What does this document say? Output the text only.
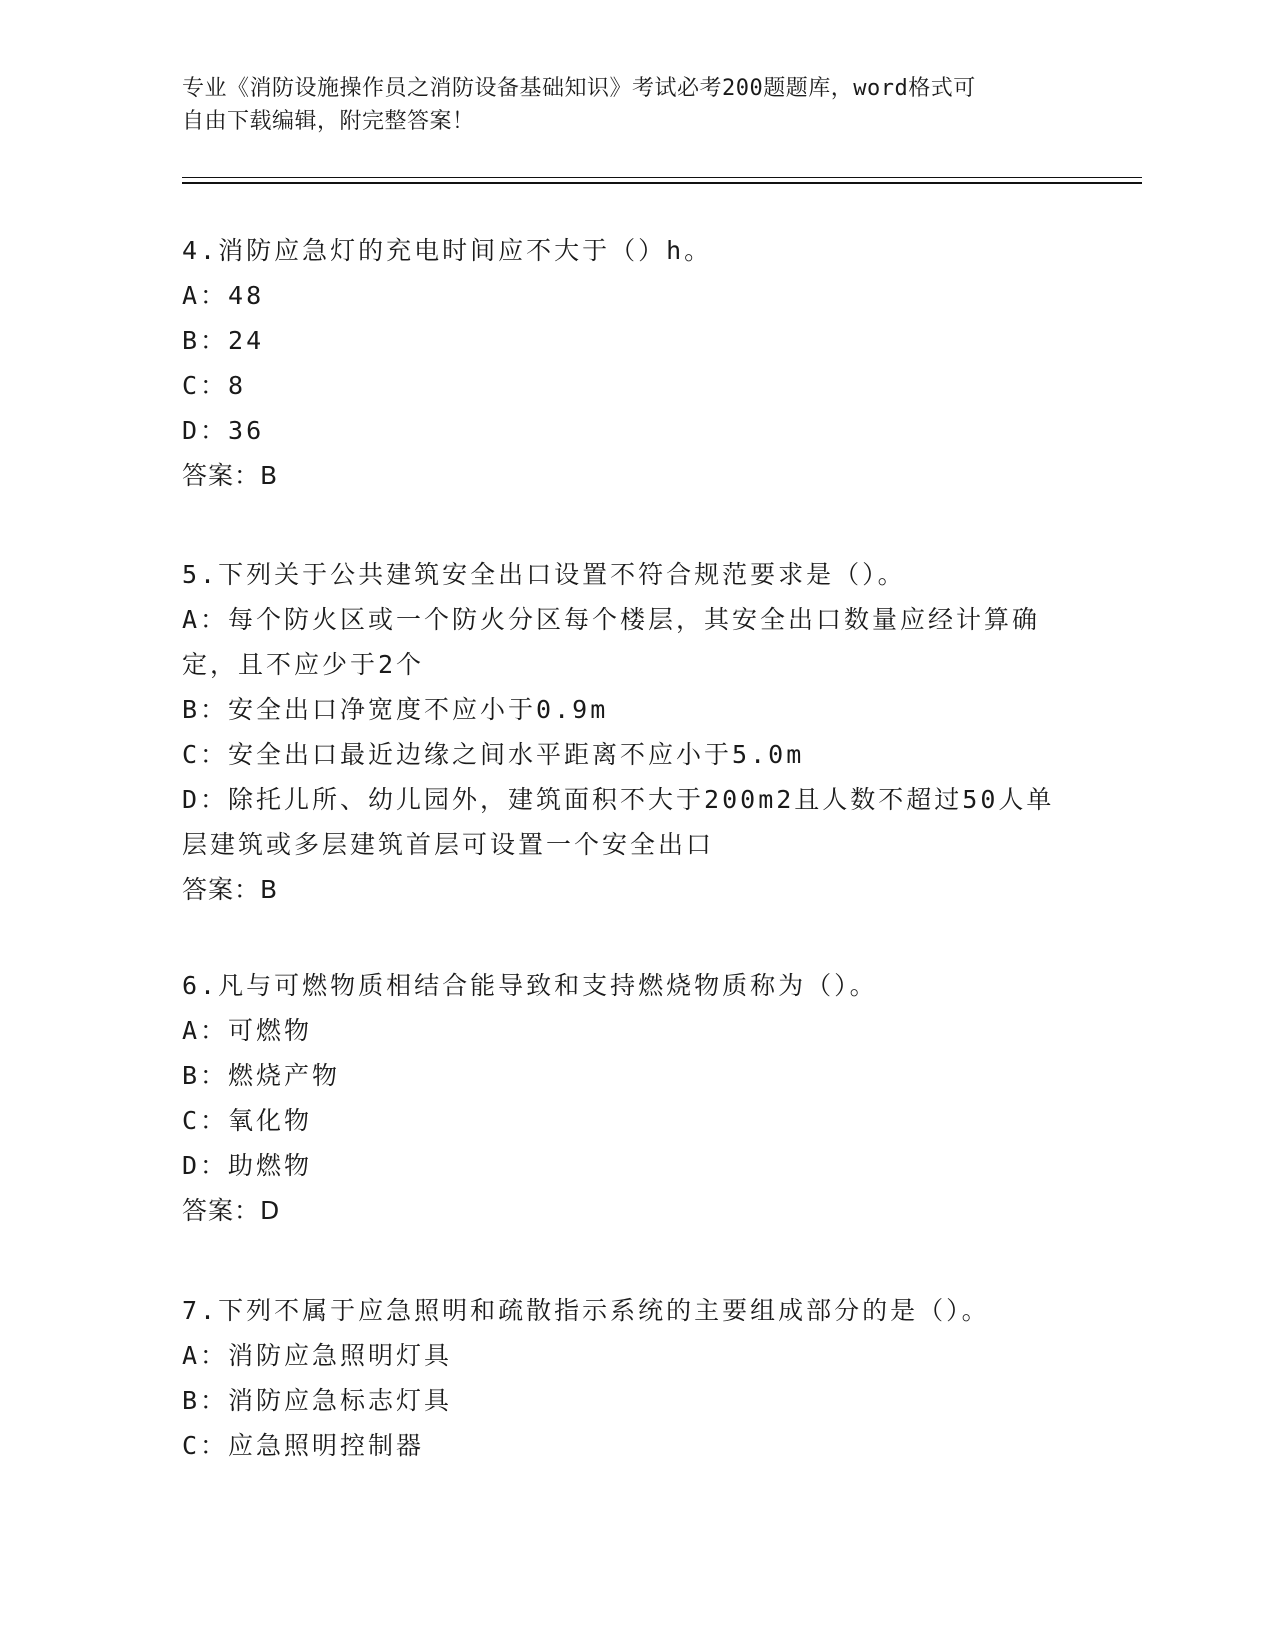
专业《消防设施操作员之消防设备基础知识》考试必考200题题库，word格式可
自由下载编辑，附完整答案！
4.消防应急灯的充电时间应不大于（）h。
A：48
B：24
C：8
D：36
答案：B
5.下列关于公共建筑安全出口设置不符合规范要求是（）。
A：每个防火区或一个防火分区每个楼层，其安全出口数量应经计算确定，且不应少于2个
B：安全出口净宽度不应小于0.9m
C：安全出口最近边缘之间水平距离不应小于5.0m
D：除托儿所、幼儿园外，建筑面积不大于200m2且人数不超过50人单层建筑或多层建筑首层可设置一个安全出口
答案：B
6.凡与可燃物质相结合能导致和支持燃烧物质称为（）。
A：可燃物
B：燃烧产物
C：氧化物
D：助燃物
答案：D
7.下列不属于应急照明和疏散指示系统的主要组成部分的是（）。
A：消防应急照明灯具
B：消防应急标志灯具
C：应急照明控制器
